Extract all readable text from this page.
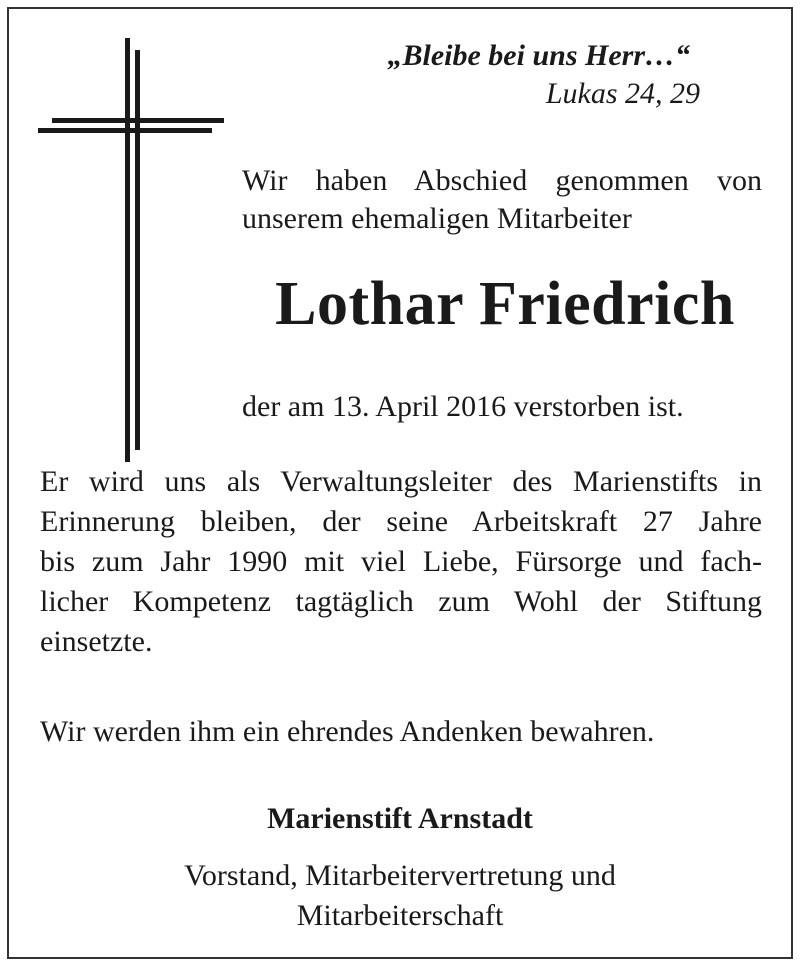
„Bleibe bei uns Herr…“

Lukas 24, 29

Wir haben Abschied genommen von
unserem ehemaligen Mitarbeiter

Lothar Friedrich

der am 13. April 2016 verstorben ist.

Er wird uns als Verwaltungsleiter des Marienstifts in
Erinnerung bleiben, der seine Arbeitskraft 27 Jahre
bis zum Jahr 1990 mit viel Liebe, Fürsorge und fach-
licher Kompetenz tagtäglich zum Wohl der Stiftung
einsetzte.

Wir werden ihm ein ehrendes Andenken bewahren.

Marienstift Arnstadt

Vorstand, Mitarbeitervertretung und
Mitarbeiterschaft
